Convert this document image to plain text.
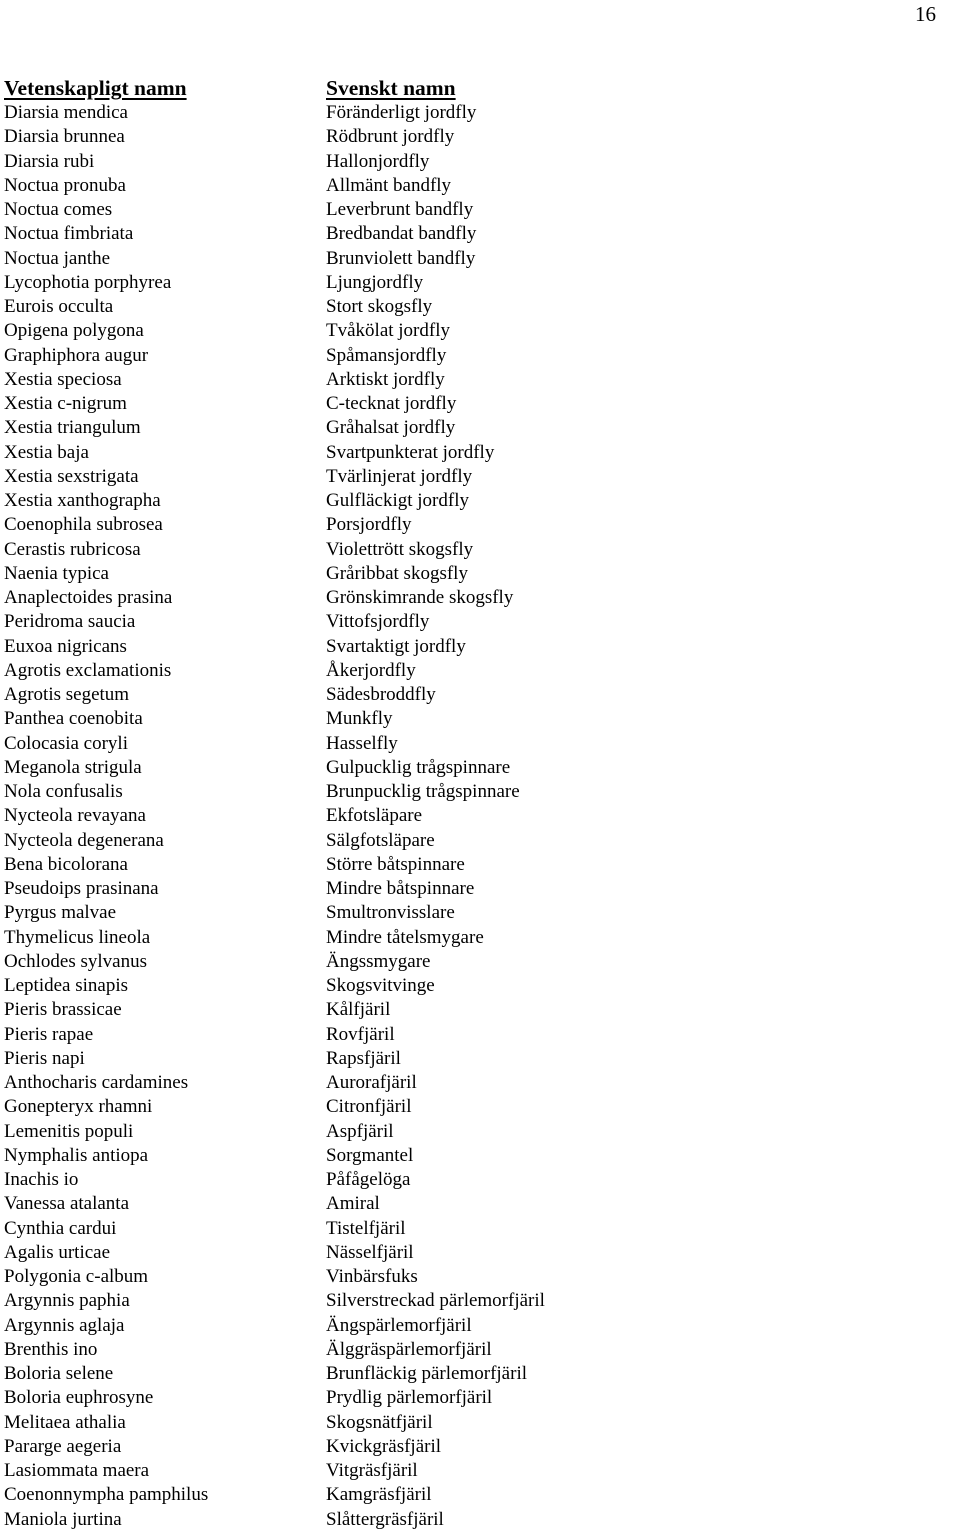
16
Vetenskapligt namn	Svenskt namn
Diarsia mendica	Föränderligt jordfly
Diarsia brunnea	Rödbrunt jordfly
Diarsia rubi	Hallonjordfly
Noctua pronuba	Allmänt bandfly
Noctua comes	Leverbrunt bandfly
Noctua fimbriata	Bredbandat bandfly
Noctua janthe	Brunviolett bandfly
Lycophotia porphyrea	Ljungjordfly
Eurois occulta	Stort skogsfly
Opigena polygona	Tvåkölat jordfly
Graphiphora augur	Spåmansjordfly
Xestia speciosa	Arktiskt jordfly
Xestia c-nigrum	C-tecknat jordfly
Xestia triangulum	Gråhalsat jordfly
Xestia baja	Svartpunkterat jordfly
Xestia sexstrigata	Tvärlinjerat jordfly
Xestia xanthographa	Gulfläckigt jordfly
Coenophila subrosea	Porsjordfly
Cerastis rubricosa	Violettrött skogsfly
Naenia typica	Gråribbat skogsfly
Anaplectoides prasina	Grönskimrande skogsfly
Peridroma saucia	Vittofsjordfly
Euxoa nigricans	Svartaktigt jordfly
Agrotis exclamationis	Åkerjordfly
Agrotis segetum	Sädesbroddfly
Panthea coenobita	Munkfly
Colocasia coryli	Hasselfly
Meganola strigula	Gulpucklig trågspinnare
Nola confusalis	Brunpucklig trågspinnare
Nycteola revayana	Ekfotsläpare
Nycteola degenerana	Sälgfotsläpare
Bena bicolorana	Större båtspinnare
Pseudoips prasinana	Mindre båtspinnare
Pyrgus malvae	Smultronvisslare
Thymelicus lineola	Mindre tåtelsmygare
Ochlodes sylvanus	Ängssmygare
Leptidea sinapis	Skogsvitvinge
Pieris brassicae	Kålfjäril
Pieris rapae	Rovfjäril
Pieris napi	Rapsfjäril
Anthocharis cardamines	Aurorafjäril
Gonepteryx rhamni	Citronfjäril
Lemenitis populi	Aspfjäril
Nymphalis antiopa	Sorgmantel
Inachis io	Påfågelöga
Vanessa atalanta	Amiral
Cynthia cardui	Tistelfjäril
Agalis urticae	Nässelfjäril
Polygonia c-album	Vinbärsfuks
Argynnis paphia	Silverstreckad pärlemorfjäril
Argynnis aglaja	Ängspärlemorfjäril
Brenthis ino	Älggräspärlemorfjäril
Boloria selene	Brunfläckig pärlemorfjäril
Boloria euphrosyne	Prydlig pärlemorfjäril
Melitaea athalia	Skogsnätfjäril
Pararge aegeria	Kvickgräsfjäril
Lasiommata maera	Vitgräsfjäril
Coenonnympha pamphilus	Kamgräsfjäril
Maniola jurtina	Slåttergräsfjäril
